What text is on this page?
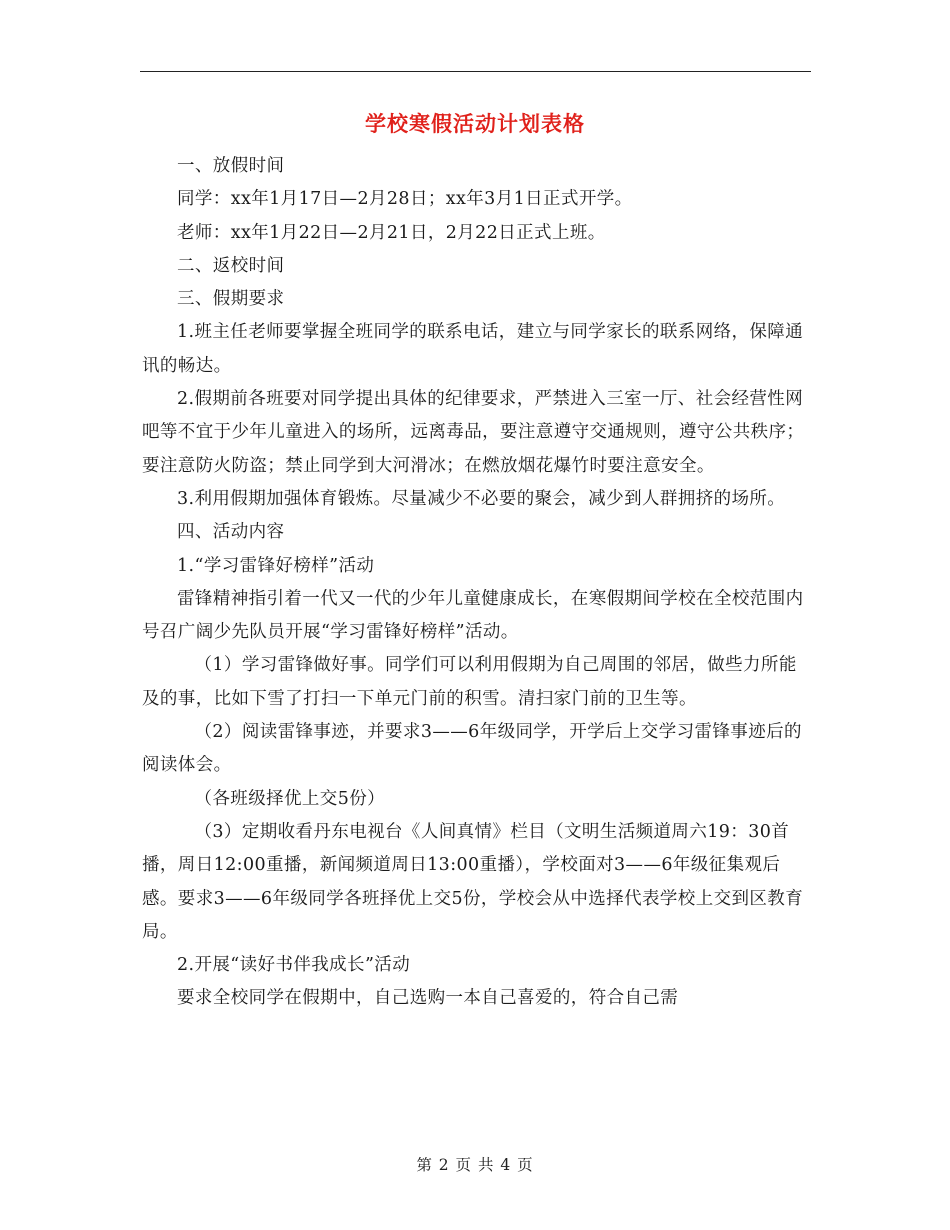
学校寒假活动计划表格

一、放假时间

同学：xx年1月17日—2月28日；xx年3月1日正式开学。

老师：xx年1月22日—2月21日，2月22日正式上班。

二、返校时间

三、假期要求

1.班主任老师要掌握全班同学的联系电话，建立与同学家长的联系网络，保障通讯的畅达。

2.假期前各班要对同学提出具体的纪律要求，严禁进入三室一厅、社会经营性网吧等不宜于少年儿童进入的场所，远离毒品，要注意遵守交通规则，遵守公共秩序；要注意防火防盗；禁止同学到大河滑冰；在燃放烟花爆竹时要注意安全。

3.利用假期加强体育锻炼。尽量减少不必要的聚会，减少到人群拥挤的场所。

四、活动内容

1.“学习雷锋好榜样”活动

雷锋精神指引着一代又一代的少年儿童健康成长，在寒假期间学校在全校范围内号召广阔少先队员开展“学习雷锋好榜样”活动。

（1）学习雷锋做好事。同学们可以利用假期为自己周围的邻居，做些力所能及的事，比如下雪了打扫一下单元门前的积雪。清扫家门前的卫生等。

（2）阅读雷锋事迹，并要求3——6年级同学，开学后上交学习雷锋事迹后的阅读体会。

（各班级择优上交5份）

（3）定期收看丹东电视台《人间真情》栏目（文明生活频道周六19：30首播，周日12:00重播，新闻频道周日13:00重播），学校面对3——6年级征集观后感。要求3——6年级同学各班择优上交5份，学校会从中选择代表学校上交到区教育局。

2.开展“读好书伴我成长”活动

要求全校同学在假期中，自己选购一本自己喜爱的，符合自己需

第 2 页 共 4 页
